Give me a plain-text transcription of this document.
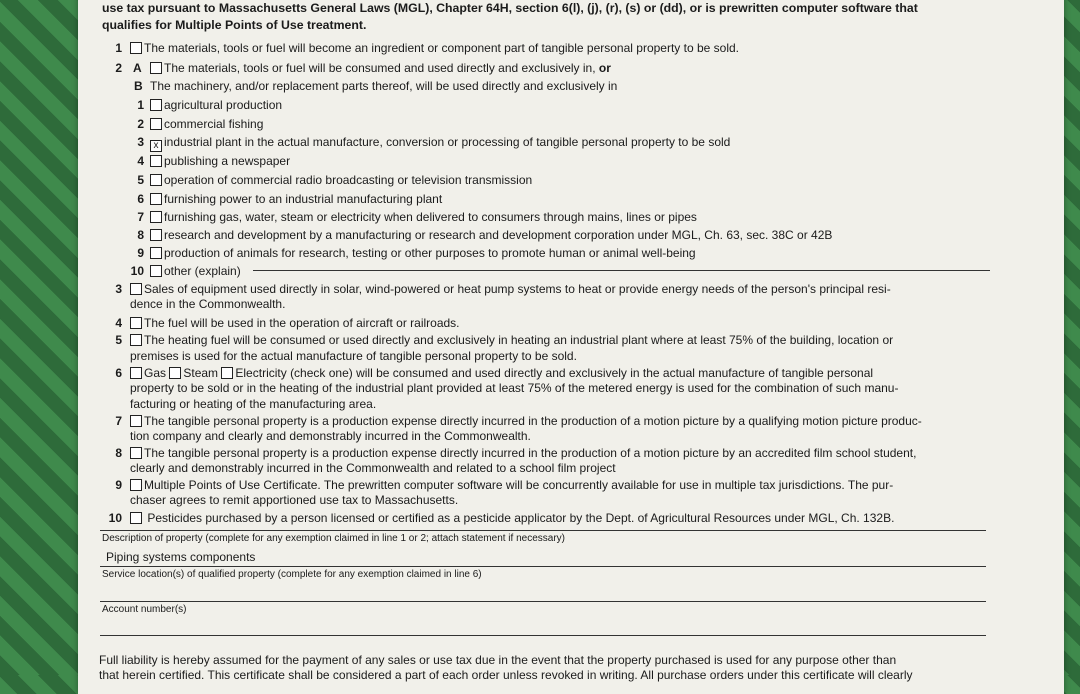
use tax pursuant to Massachusetts General Laws (MGL), Chapter 64H, section 6(l), (j), (r), (s) or (dd), or is prewritten computer software that
qualifies for Multiple Points of Use treatment.
1	The materials, tools or fuel will become an ingredient or component part of tangible personal property to be sold.
2 A	The materials, tools or fuel will be consumed and used directly and exclusively in, or
B The machinery, and/or replacement parts thereof, will be used directly and exclusively in
1	agricultural production
2	commercial fishing
3 x industrial plant in the actual manufacture, conversion or processing of tangible personal property to be sold
4	publishing a newspaper
5	operation of commercial radio broadcasting or television transmission
6	furnishing power to an industrial manufacturing plant
7	furnishing gas, water, steam or electricity when delivered to consumers through mains, lines or pipes
8	research and development by a manufacturing or research and development corporation under MGL, Ch. 63, sec. 38C or 42B
9	production of animals for research, testing or other purposes to promote human or animal well-being
10	other (explain)
3	Sales of equipment used directly in solar, wind-powered or heat pump systems to heat or provide energy needs of the person's principal resi-
dence in the Commonwealth.
4	The fuel will be used in the operation of aircraft or railroads.
5	The heating fuel will be consumed or used directly and exclusively in heating an industrial plant where at least 75% of the building, location or
premises is used for the actual manufacture of tangible personal property to be sold.
6	Gas Steam Electricity (check one) will be consumed and used directly and exclusively in the actual manufacture of tangible personal
property to be sold or in the heating of the industrial plant provided at least 75% of the metered energy is used for the combination of such manu-
facturing or heating of the manufacturing area.
7	The tangible personal property is a production expense directly incurred in the production of a motion picture by a qualifying motion picture produc-
tion company and clearly and demonstrably incurred in the Commonwealth.
8	The tangible personal property is a production expense directly incurred in the production of a motion picture by an accredited film school student,
clearly and demonstrably incurred in the Commonwealth and related to a school film project
9	Multiple Points of Use Certificate. The prewritten computer software will be concurrently available for use in multiple tax jurisdictions. The pur-
chaser agrees to remit apportioned use tax to Massachusetts.
10	Pesticides purchased by a person licensed or certified as a pesticide applicator by the Dept. of Agricultural Resources under MGL, Ch. 132B.
Description of property (complete for any exemption claimed in line 1 or 2; attach statement if necessary)
Piping systems components
Service location(s) of qualified property (complete for any exemption claimed in line 6)
Account number(s)
Full liability is hereby assumed for the payment of any sales or use tax due in the event that the property purchased is used for any purpose other than
that herein certified. This certificate shall be considered a part of each order unless revoked in writing. All purchase orders under this certificate will clearly
